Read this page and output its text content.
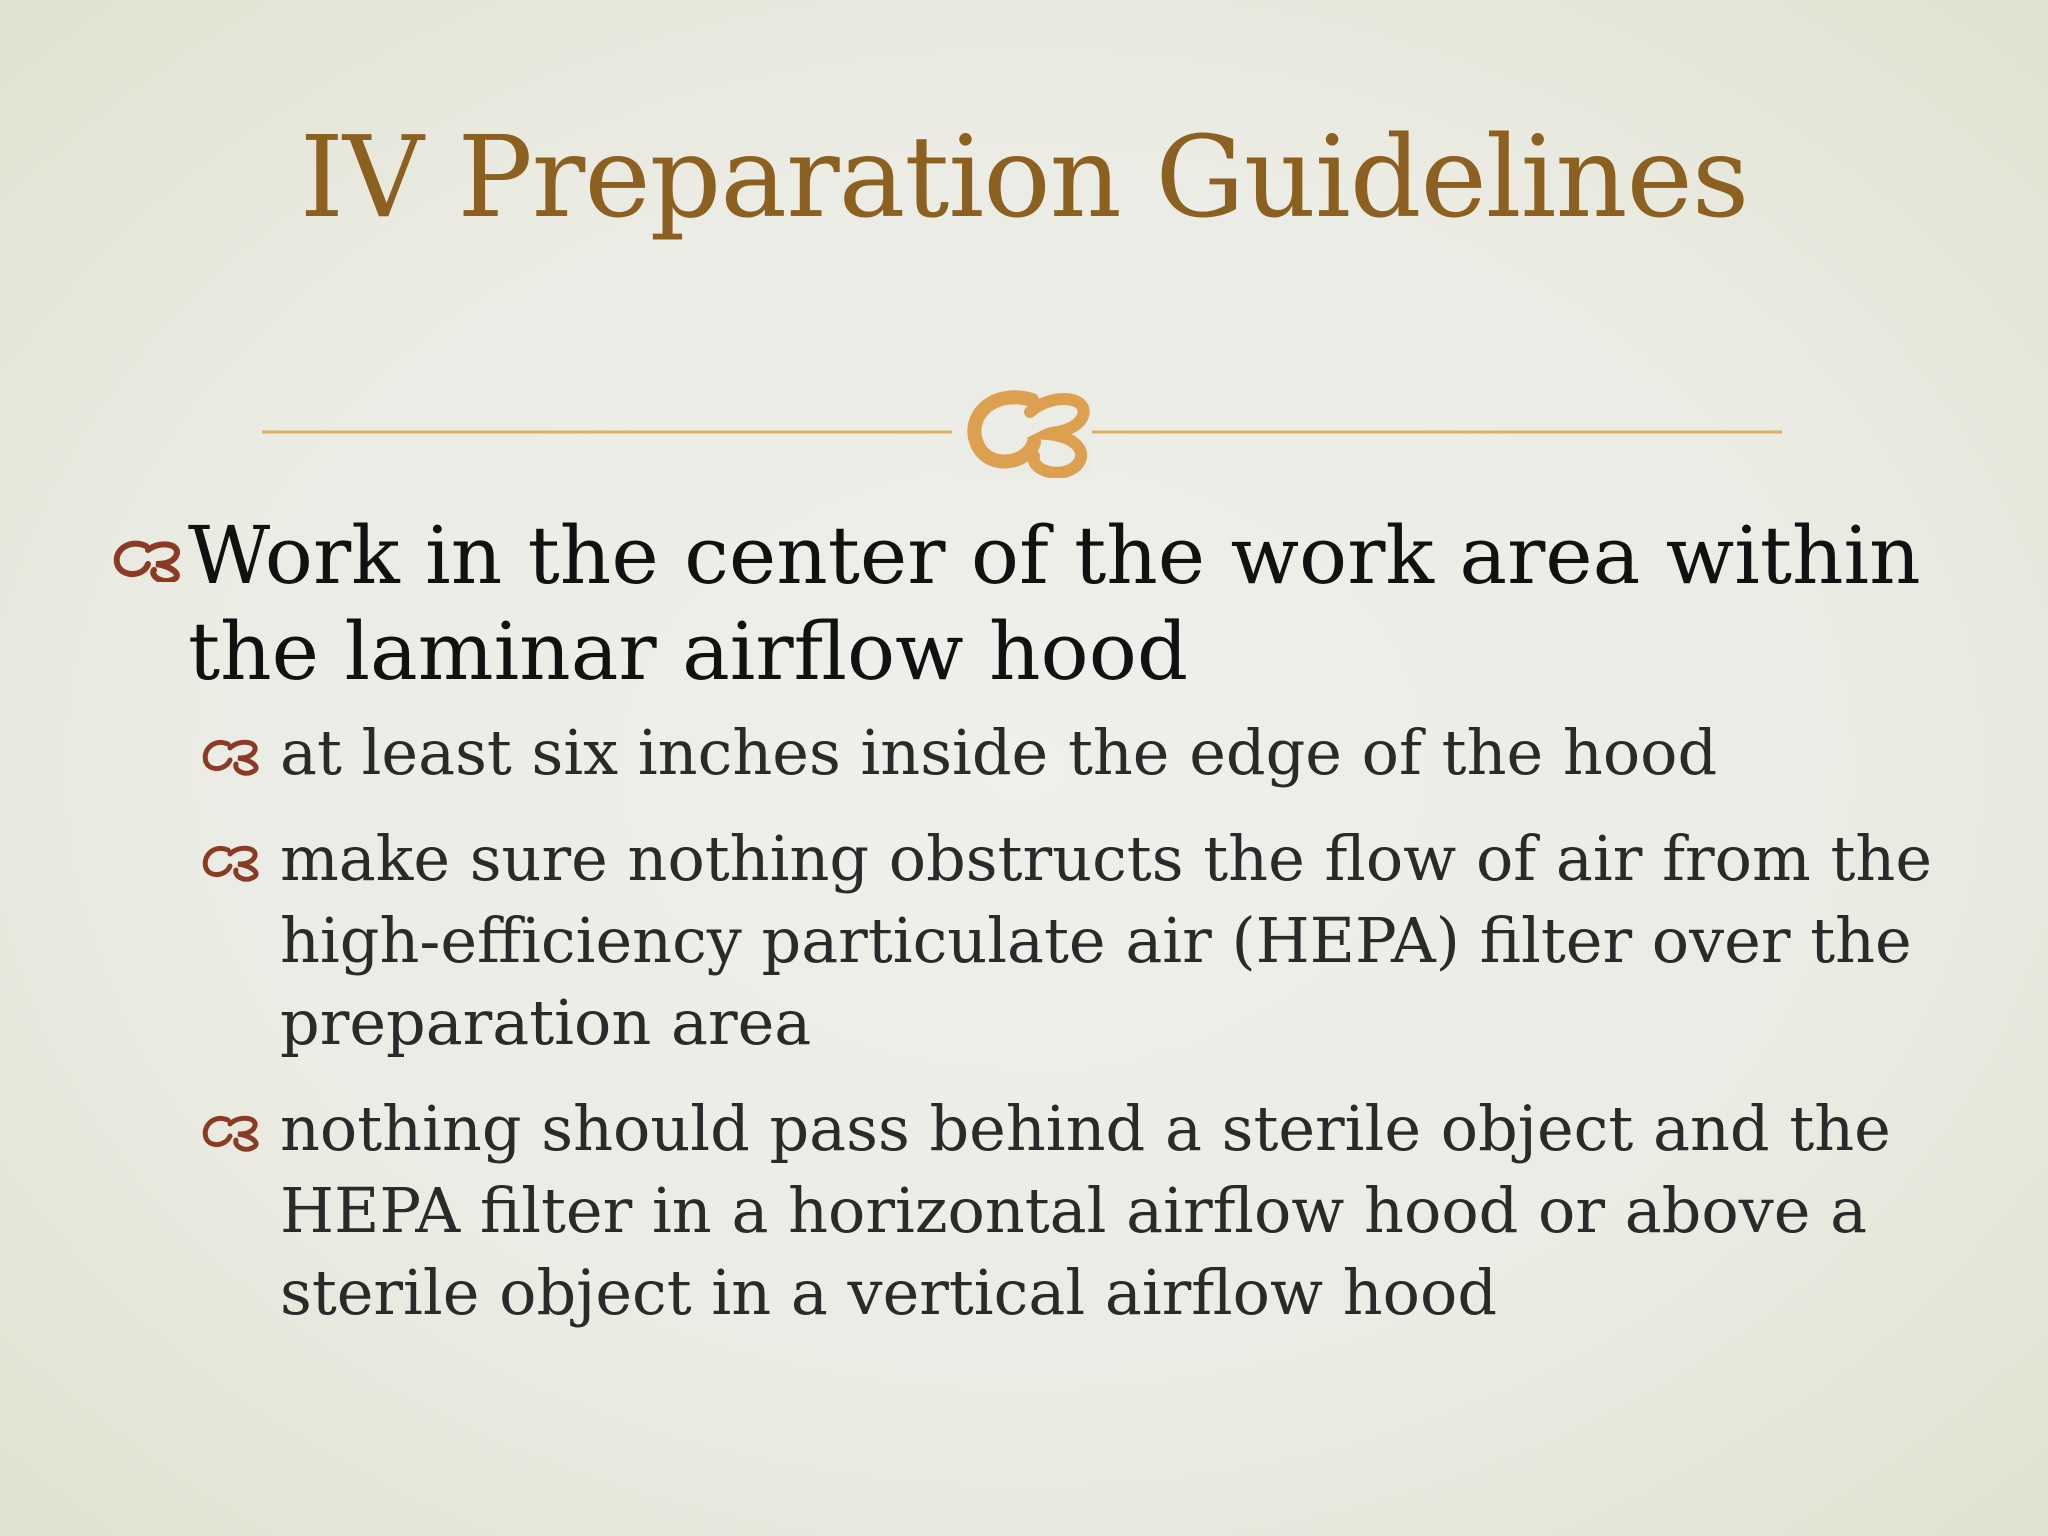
IV Preparation Guidelines
Work in the center of the work area within the laminar airflow hood
at least six inches inside the edge of the hood
make sure nothing obstructs the flow of air from the high-efficiency particulate air (HEPA) filter over the preparation area
nothing should pass behind a sterile object and the HEPA filter in a horizontal airflow hood or above a sterile object in a vertical airflow hood
